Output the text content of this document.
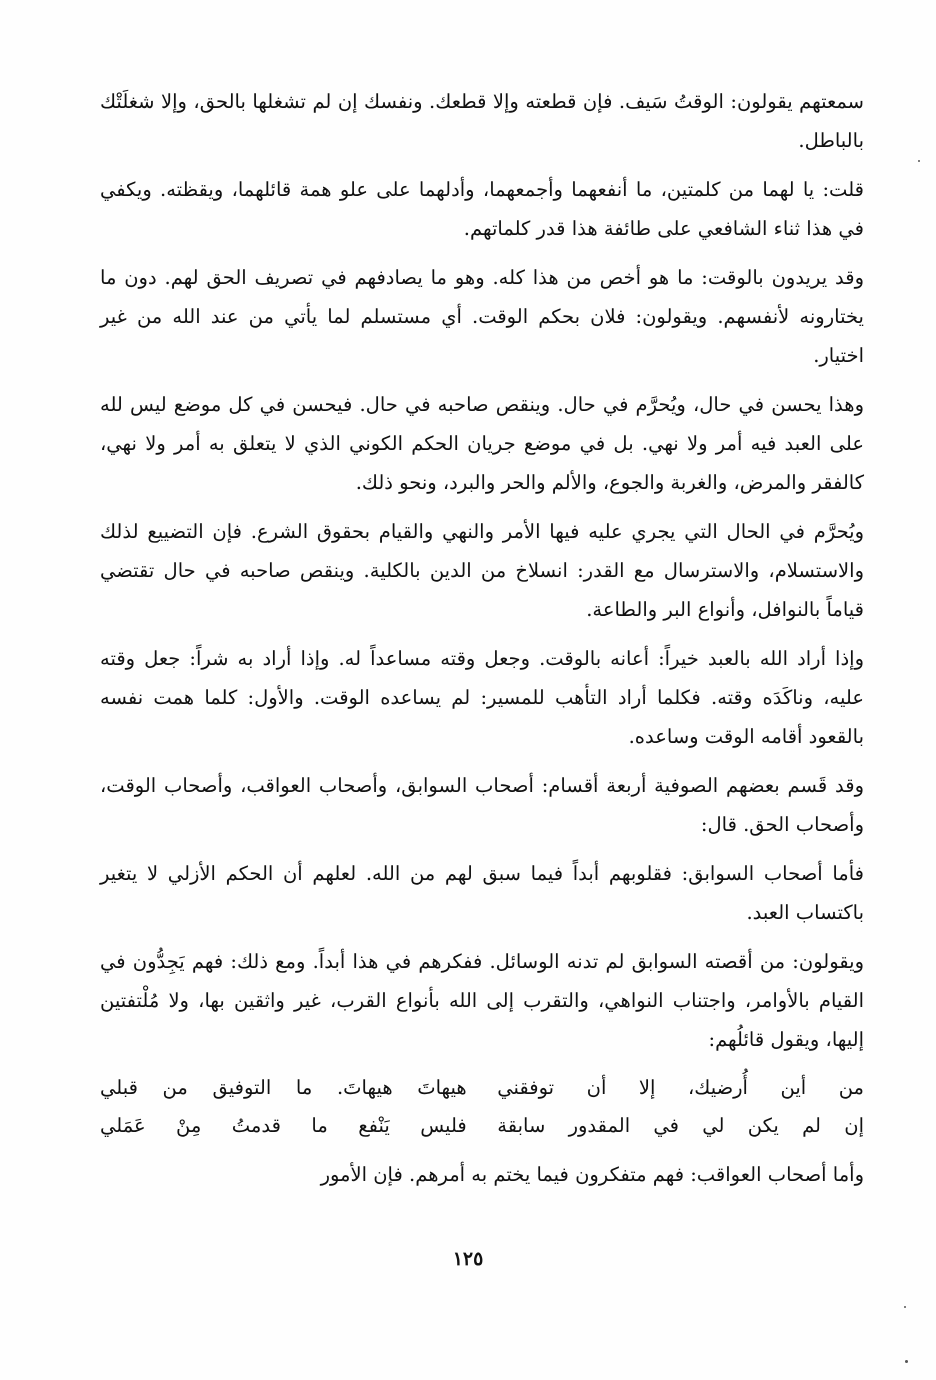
سمعتهم يقولون: الوقتُ سَيف. فإن قطعته وإلا قطعك. ونفسك إن لم تشغلها بالحق، وإلا شغلَتْك بالباطل.

قلت: يا لهما من كلمتين، ما أنفعهما وأجمعهما، وأدلهما على علو همة قائلهما، ويقظته. ويكفي في هذا ثناء الشافعي على طائفة هذا قدر كلماتهم.

وقد يريدون بالوقت: ما هو أخص من هذا كله. وهو ما يصادفهم في تصريف الحق لهم. دون ما يختارونه لأنفسهم. ويقولون: فلان بحكم الوقت. أي مستسلم لما يأتي من عند الله من غير اختيار.

وهذا يحسن في حال، ويُحرَّم في حال. وينقص صاحبه في حال. فيحسن في كل موضع ليس لله على العبد فيه أمر ولا نهي. بل في موضع جريان الحكم الكوني الذي لا يتعلق به أمر ولا نهي، كالفقر والمرض، والغربة والجوع، والألم والحر والبرد، ونحو ذلك.

ويُحرَّم في الحال التي يجري عليه فيها الأمر والنهي والقيام بحقوق الشرع. فإن التضييع لذلك والاستسلام، والاسترسال مع القدر: انسلاخ من الدين بالكلية. وينقص صاحبه في حال تقتضي قياماً بالنوافل، وأنواع البر والطاعة.

وإذا أراد الله بالعبد خيراً: أعانه بالوقت. وجعل وقته مساعداً له. وإذا أراد به شراً: جعل وقته عليه، وناكَدَه وقته. فكلما أراد التأهب للمسير: لم يساعده الوقت. والأول: كلما همت نفسه بالقعود أقامه الوقت وساعده.

وقد قَسم بعضهم الصوفية أربعة أقسام: أصحاب السوابق، وأصحاب العواقب، وأصحاب الوقت، وأصحاب الحق. قال:

فأما أصحاب السوابق: فقلوبهم أبداً فيما سبق لهم من الله. لعلهم أن الحكم الأزلي لا يتغير باكتساب العبد.

ويقولون: من أقصته السوابق لم تدنه الوسائل. ففكرهم في هذا أبداً. ومع ذلك: فهم يَجِدُّون في القيام بالأوامر، واجتناب النواهي، والتقرب إلى الله بأنواع القرب، غير واثقين بها، ولا مُلْتفتين إليها، ويقول قائلُهم:

من أين أُرضيك، إلا أن توفقني
هيهاتَ هيهاتَ. ما التوفيق من قبلي
إن لم يكن لي في المقدور سابقة
فليس يَنْفع ما قدمتُ مِنْ عَمَلي

وأما أصحاب العواقب: فهم متفكرون فيما يختم به أمرهم. فإن الأمور

١٢٥
